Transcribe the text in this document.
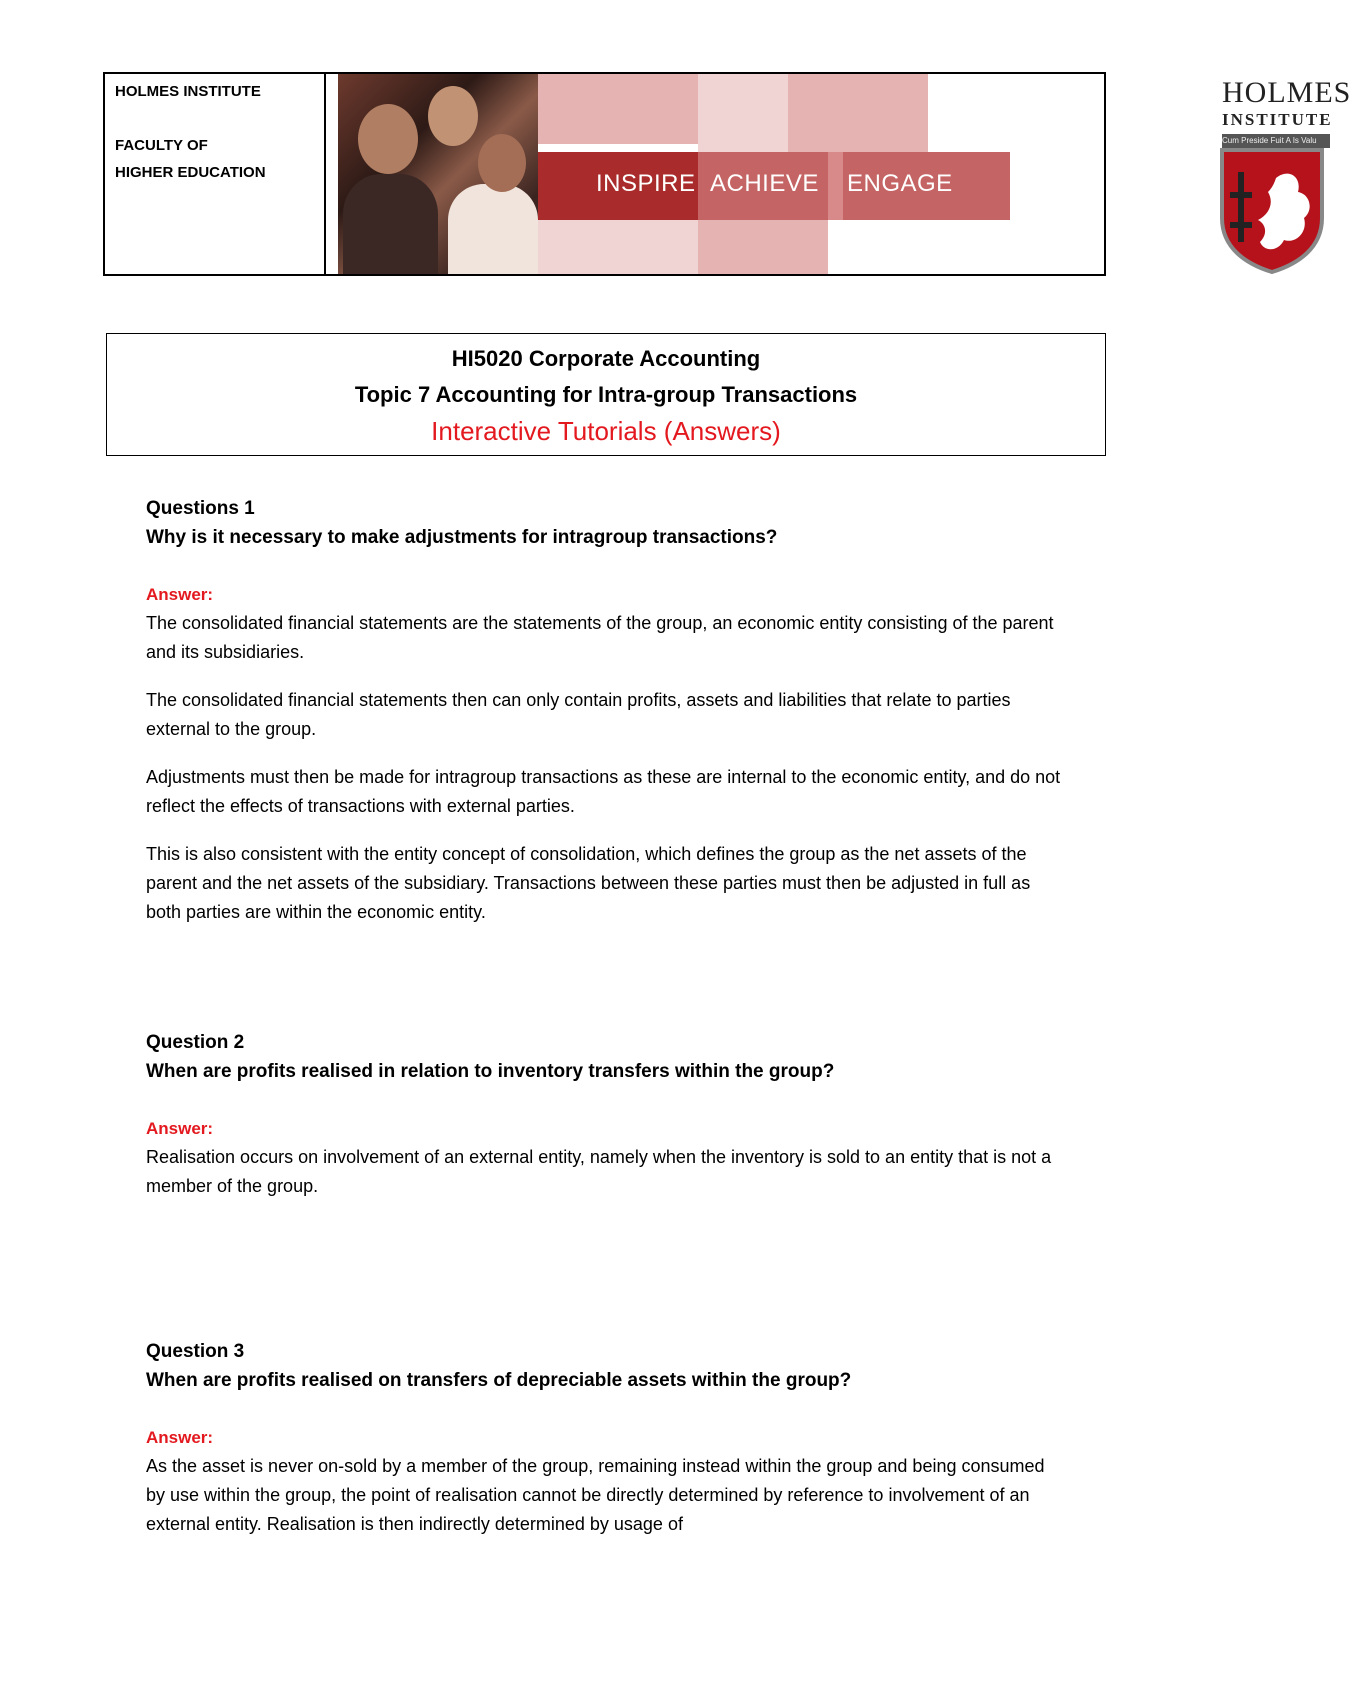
HOLMES INSTITUTE
FACULTY OF
HIGHER EDUCATION	INSPIRE ACHIEVE ENGAGE
HOLMES
INSTITUTE
Cum Preside Fuit A Is Valu
HI5020 Corporate Accounting
Topic 7 Accounting for Intra-group Transactions
Interactive Tutorials (Answers)
Questions 1
Why is it necessary to make adjustments for intragroup transactions?
Answer:

The consolidated financial statements are the statements of the group, an economic entity consisting of the parent and its subsidiaries.

The consolidated financial statements then can only contain profits, assets and liabilities that relate to parties external to the group.

Adjustments must then be made for intragroup transactions as these are internal to the economic entity, and do not reflect the effects of transactions with external parties.

This is also consistent with the entity concept of consolidation, which defines the group as the net assets of the parent and the net assets of the subsidiary. Transactions between these parties must then be adjusted in full as both parties are within the economic entity.

Question 2
When are profits realised in relation to inventory transfers within the group?
Answer:

Realisation occurs on involvement of an external entity, namely when the inventory is sold to an entity that is not a member of the group.

Question 3
When are profits realised on transfers of depreciable assets within the group?
Answer:

As the asset is never on-sold by a member of the group, remaining instead within the group and being consumed by use within the group, the point of realisation cannot be directly determined by reference to involvement of an external entity. Realisation is then indirectly determined by usage of
